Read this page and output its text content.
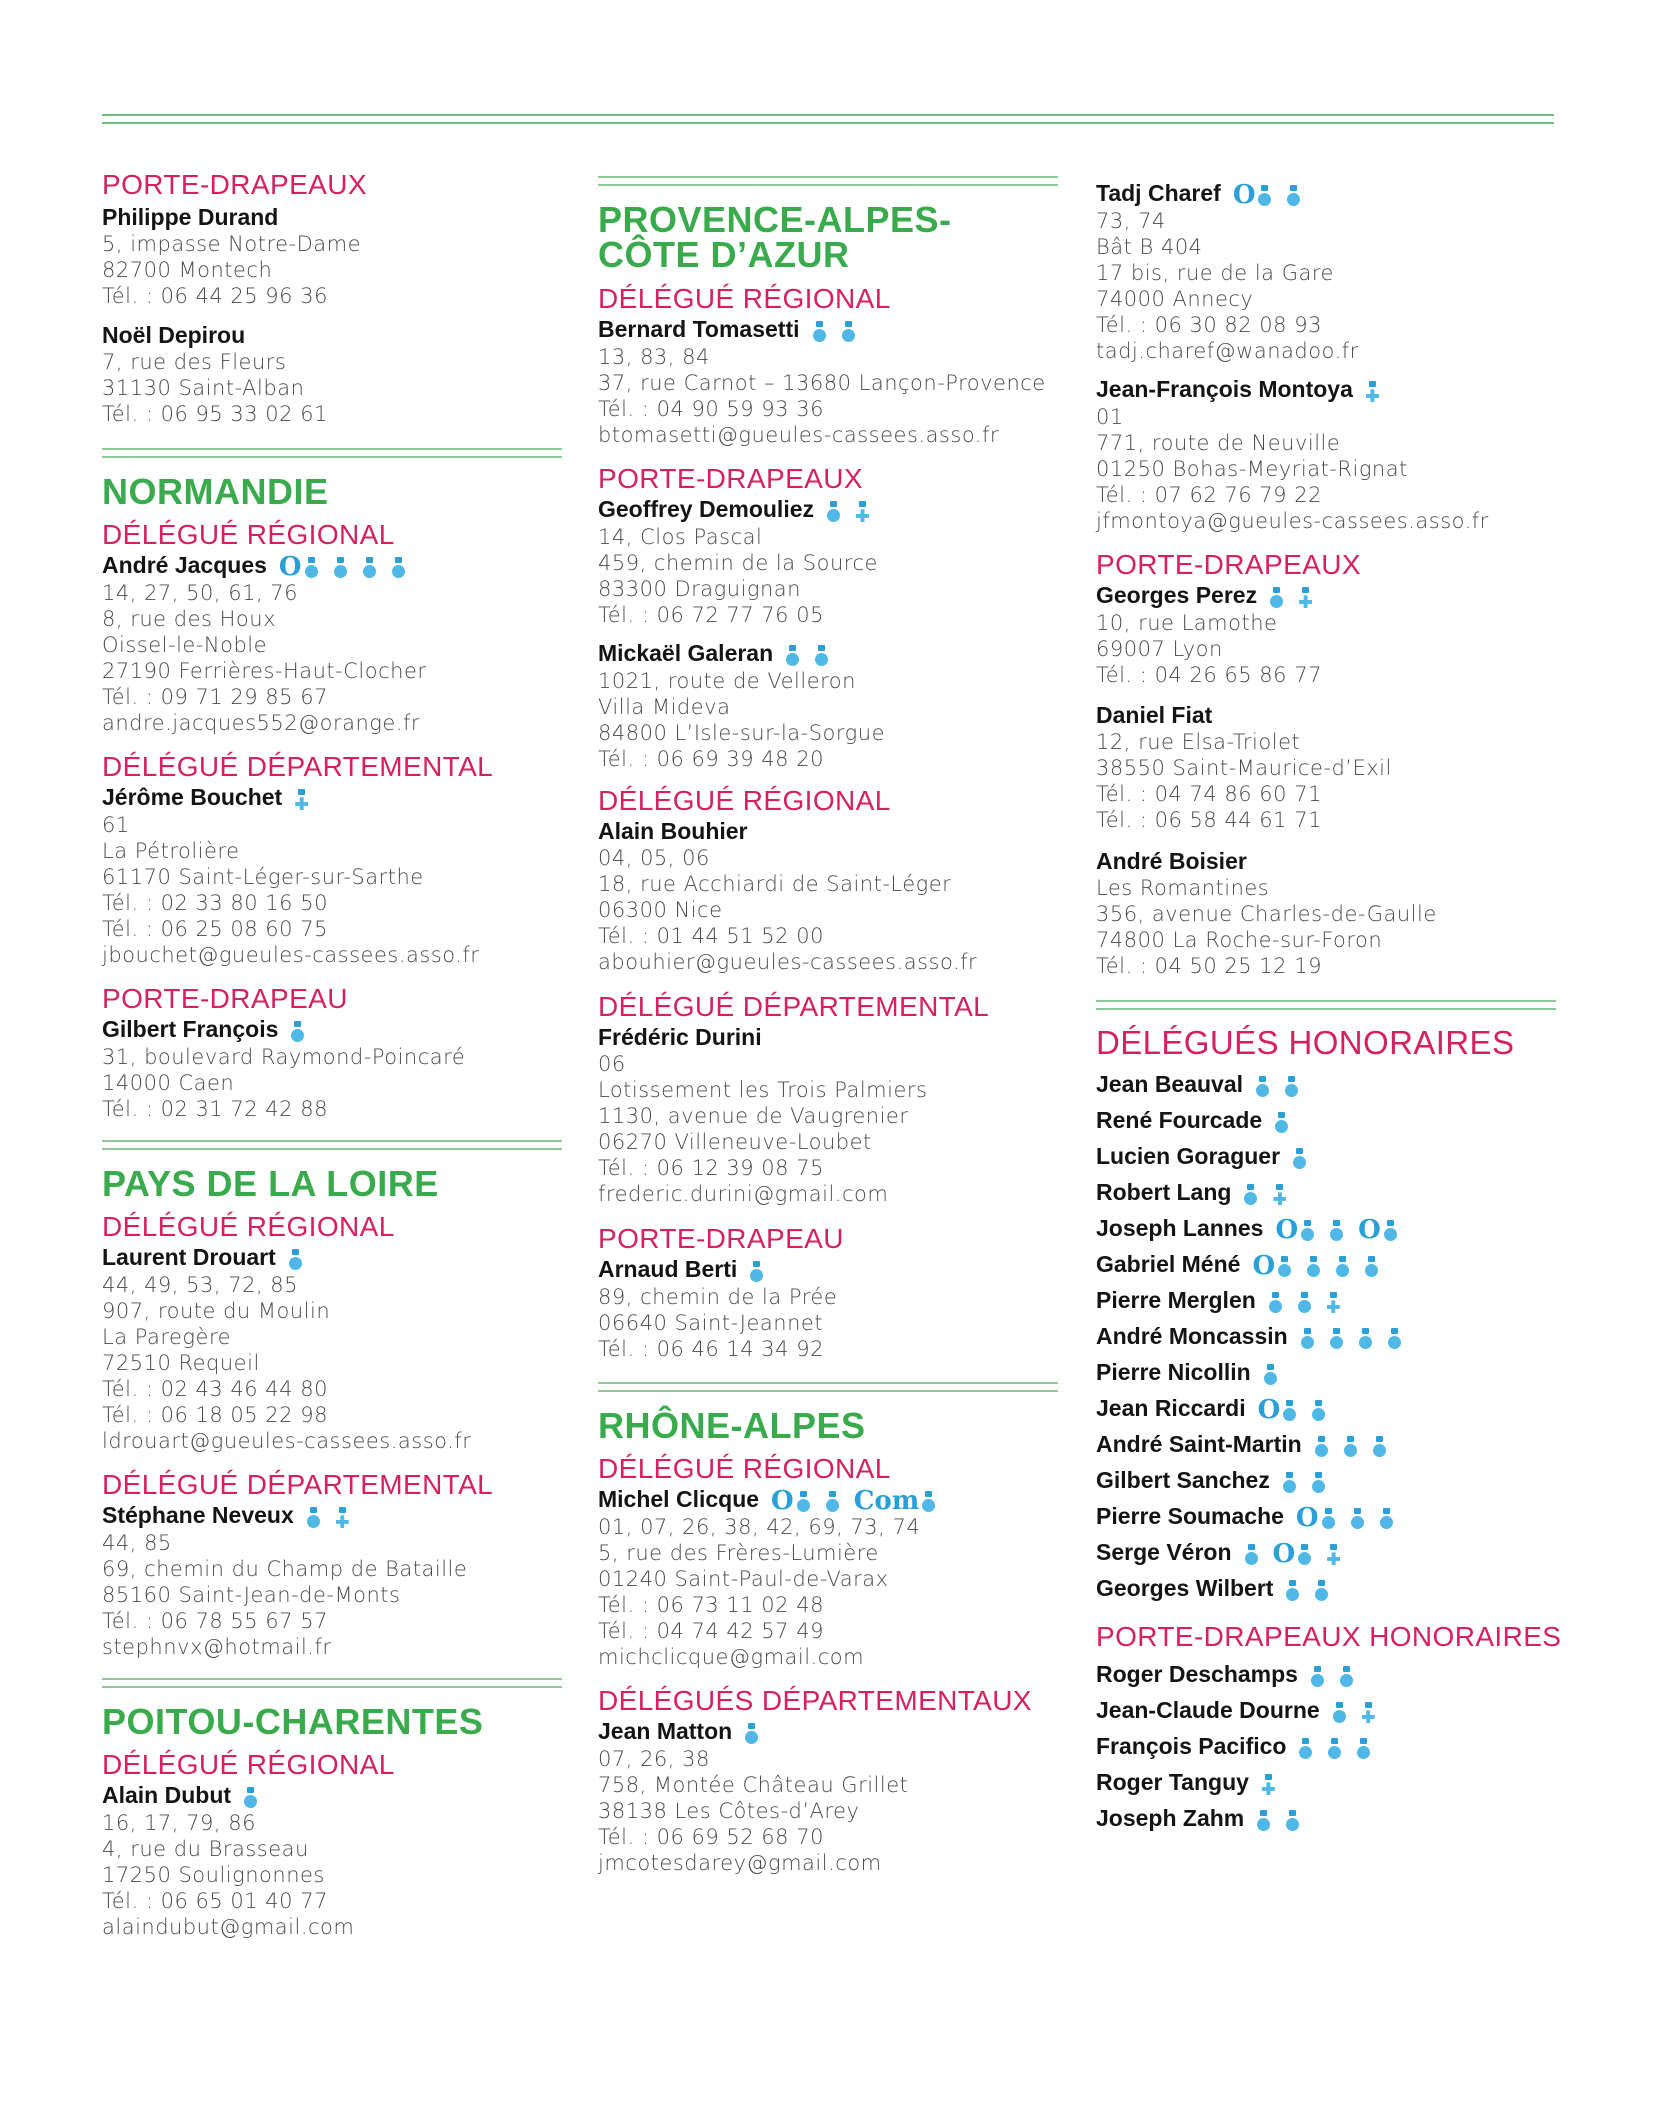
PORTE-DRAPEAUX
Philippe Durand
5, impasse Notre-Dame
82700 Montech
Tél. : 06 44 25 96 36
Noël Depirou
7, rue des Fleurs
31130 Saint-Alban
Tél. : 06 95 33 02 61
NORMANDIE
DÉLÉGUÉ RÉGIONAL
André Jacques O
14, 27, 50, 61, 76
8, rue des Houx
Oissel-le-Noble
27190 Ferrières-Haut-Clocher
Tél. : 09 71 29 85 67
andre.jacques552@orange.fr
DÉLÉGUÉ DÉPARTEMENTAL
Jérôme Bouchet
61
La Pétrolière
61170 Saint-Léger-sur-Sarthe
Tél. : 02 33 80 16 50
Tél. : 06 25 08 60 75
jbouchet@gueules-cassees.asso.fr
PORTE-DRAPEAU
Gilbert François
31, boulevard Raymond-Poincaré
14000 Caen
Tél. : 02 31 72 42 88
PAYS DE LA LOIRE
DÉLÉGUÉ RÉGIONAL
Laurent Drouart
44, 49, 53, 72, 85
907, route du Moulin
La Paregère
72510 Requeil
Tél. : 02 43 46 44 80
Tél. : 06 18 05 22 98
ldrouart@gueules-cassees.asso.fr
DÉLÉGUÉ DÉPARTEMENTAL
Stéphane Neveux
44, 85
69, chemin du Champ de Bataille
85160 Saint-Jean-de-Monts
Tél. : 06 78 55 67 57
stephnvx@hotmail.fr
POITOU-CHARENTES
DÉLÉGUÉ RÉGIONAL
Alain Dubut
16, 17, 79, 86
4, rue du Brasseau
17250 Soulignonnes
Tél. : 06 65 01 40 77
alaindubut@gmail.com
PROVENCE-ALPES-
CÔTE D’AZUR
DÉLÉGUÉ RÉGIONAL
Bernard Tomasetti
13, 83, 84
37, rue Carnot – 13680 Lançon-Provence
Tél. : 04 90 59 93 36
btomasetti@gueules-cassees.asso.fr
PORTE-DRAPEAUX
Geoffrey Demouliez
14, Clos Pascal
459, chemin de la Source
83300 Draguignan
Tél. : 06 72 77 76 05
Mickaël Galeran
1021, route de Velleron
Villa Mideva
84800 L’Isle-sur-la-Sorgue
Tél. : 06 69 39 48 20
DÉLÉGUÉ RÉGIONAL
Alain Bouhier
04, 05, 06
18, rue Acchiardi de Saint-Léger
06300 Nice
Tél. : 01 44 51 52 00
abouhier@gueules-cassees.asso.fr
DÉLÉGUÉ DÉPARTEMENTAL
Frédéric Durini
06
Lotissement les Trois Palmiers
1130, avenue de Vaugrenier
06270 Villeneuve-Loubet
Tél. : 06 12 39 08 75
frederic.durini@gmail.com
PORTE-DRAPEAU
Arnaud Berti
89, chemin de la Prée
06640 Saint-Jeannet
Tél. : 06 46 14 34 92
RHÔNE-ALPES
DÉLÉGUÉ RÉGIONAL
Michel Clicque O Com
01, 07, 26, 38, 42, 69, 73, 74
5, rue des Frères-Lumière
01240 Saint-Paul-de-Varax
Tél. : 06 73 11 02 48
Tél. : 04 74 42 57 49
michclicque@gmail.com
DÉLÉGUÉS DÉPARTEMENTAUX
Jean Matton
07, 26, 38
758, Montée Château Grillet
38138 Les Côtes-d’Arey
Tél. : 06 69 52 68 70
jmcotesdarey@gmail.com
Tadj Charef O
73, 74
Bât B 404
17 bis, rue de la Gare
74000 Annecy
Tél. : 06 30 82 08 93
tadj.charef@wanadoo.fr
Jean-François Montoya
01
771, route de Neuville
01250 Bohas-Meyriat-Rignat
Tél. : 07 62 76 79 22
jfmontoya@gueules-cassees.asso.fr
PORTE-DRAPEAUX
Georges Perez
10, rue Lamothe
69007 Lyon
Tél. : 04 26 65 86 77
Daniel Fiat
12, rue Elsa-Triolet
38550 Saint-Maurice-d’Exil
Tél. : 04 74 86 60 71
Tél. : 06 58 44 61 71
André Boisier
Les Romantines
356, avenue Charles-de-Gaulle
74800 La Roche-sur-Foron
Tél. : 04 50 25 12 19
DÉLÉGUÉS HONORAIRES
Jean Beauval
René Fourcade
Lucien Goraguer
Robert Lang
Joseph Lannes O O
Gabriel Méné O
Pierre Merglen
André Moncassin
Pierre Nicollin
Jean Riccardi O
André Saint-Martin
Gilbert Sanchez
Pierre Soumache O
Serge Véron O
Georges Wilbert
PORTE-DRAPEAUX HONORAIRES
Roger Deschamps
Jean-Claude Dourne
François Pacifico
Roger Tanguy
Joseph Zahm
